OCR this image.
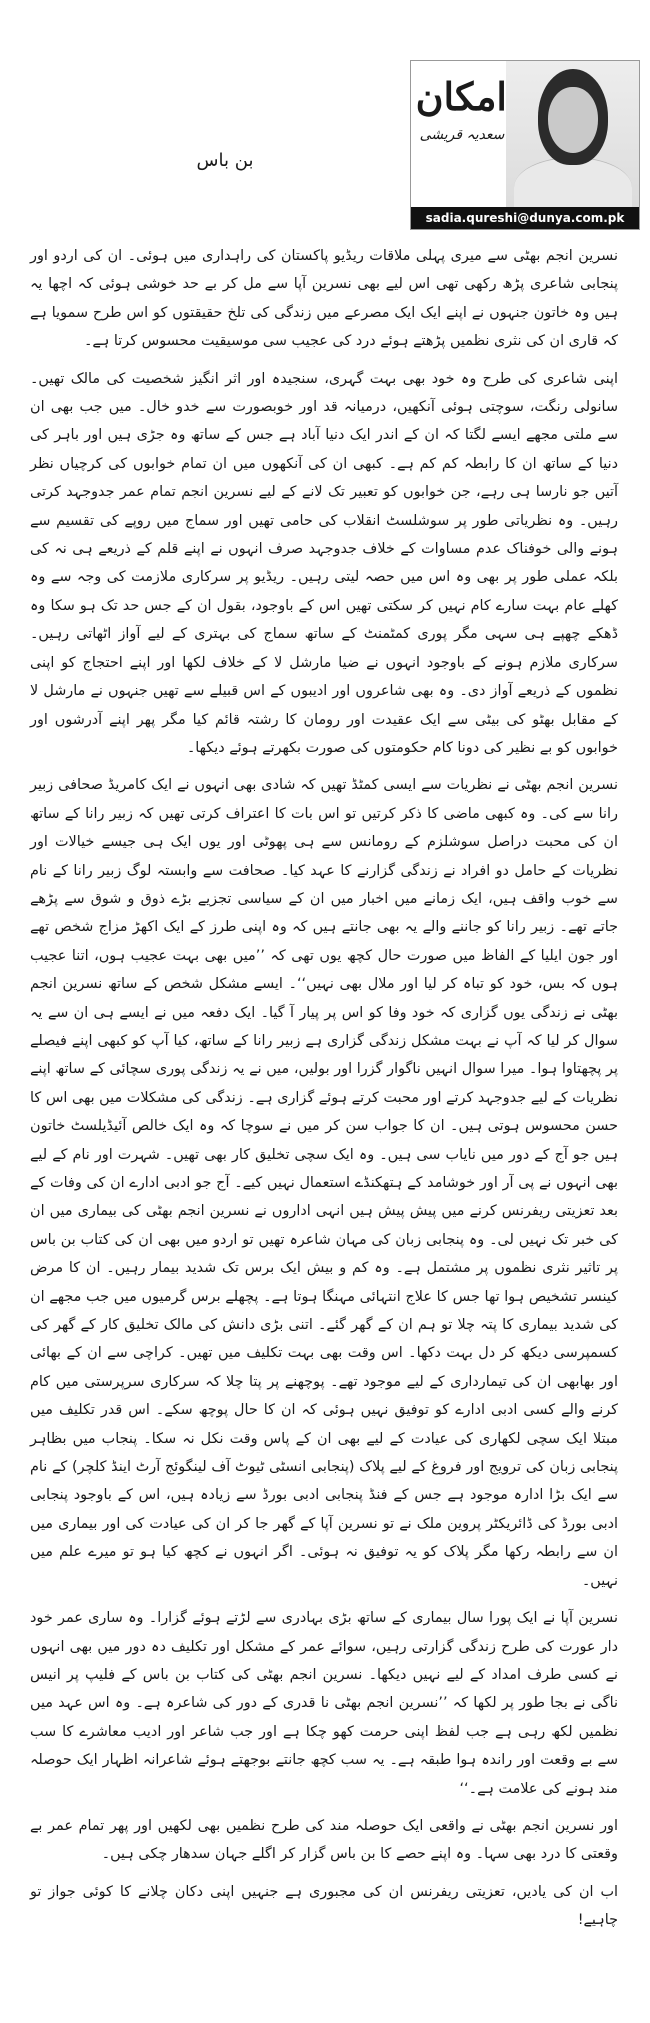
امکان
سعدیہ قریشی
sadia.qureshi@dunya.com.pk
بن باس

نسرین انجم بھٹی سے میری پہلی ملاقات ریڈیو پاکستان کی راہداری میں ہوئی۔ ان کی اردو اور پنجابی شاعری پڑھ رکھی تھی اس لیے بھی نسرین آپا سے مل کر بے حد خوشی ہوئی کہ اچھا یہ ہیں وہ خاتون جنہوں نے اپنے ایک ایک مصرعے میں زندگی کی تلخ حقیقتوں کو اس طرح سمویا ہے کہ قاری ان کی نثری نظمیں پڑھتے ہوئے درد کی عجیب سی موسیقیت محسوس کرتا ہے۔

اپنی شاعری کی طرح وہ خود بھی بہت گہری، سنجیدہ اور اثر انگیز شخصیت کی مالک تھیں۔ سانولی رنگت، سوچتی ہوئی آنکھیں، درمیانہ قد اور خوبصورت سے خدو خال۔ میں جب بھی ان سے ملتی مجھے ایسے لگتا کہ ان کے اندر ایک دنیا آباد ہے جس کے ساتھ وہ جڑی ہیں اور باہر کی دنیا کے ساتھ ان کا رابطہ کم کم ہے۔ کبھی ان کی آنکھوں میں ان تمام خوابوں کی کرچیاں نظر آتیں جو نارسا ہی رہے، جن خوابوں کو تعبیر تک لانے کے لیے نسرین انجم تمام عمر جدوجہد کرتی رہیں۔ وہ نظریاتی طور پر سوشلسٹ انقلاب کی حامی تھیں اور سماج میں روپے کی تقسیم سے ہونے والی خوفناک عدم مساوات کے خلاف جدوجہد صرف انہوں نے اپنے قلم کے ذریعے ہی نہ کی بلکہ عملی طور پر بھی وہ اس میں حصہ لیتی رہیں۔ ریڈیو پر سرکاری ملازمت کی وجہ سے وہ کھلے عام بہت سارے کام نہیں کر سکتی تھیں اس کے باوجود، بقول ان کے جس حد تک ہو سکا وہ ڈھکے چھپے ہی سہی مگر پوری کمٹمنٹ کے ساتھ سماج کی بہتری کے لیے آواز اٹھاتی رہیں۔ سرکاری ملازم ہونے کے باوجود انہوں نے ضیا مارشل لا کے خلاف لکھا اور اپنے احتجاج کو اپنی نظموں کے ذریعے آواز دی۔ وہ بھی شاعروں اور ادیبوں کے اس قبیلے سے تھیں جنہوں نے مارشل لا کے مقابل بھٹو کی بیٹی سے ایک عقیدت اور رومان کا رشتہ قائم کیا مگر پھر اپنے آدرشوں اور خوابوں کو بے نظیر کی دونا کام حکومتوں کی صورت بکھرتے ہوئے دیکھا۔

نسرین انجم بھٹی نے نظریات سے ایسی کمٹڈ تھیں کہ شادی بھی انہوں نے ایک کامریڈ صحافی زبیر رانا سے کی۔ وہ کبھی ماضی کا ذکر کرتیں تو اس بات کا اعتراف کرتی تھیں کہ زبیر رانا کے ساتھ ان کی محبت دراصل سوشلزم کے رومانس سے ہی پھوٹی اور یوں ایک ہی جیسے خیالات اور نظریات کے حامل دو افراد نے زندگی گزارنے کا عہد کیا۔ صحافت سے وابستہ لوگ زبیر رانا کے نام سے خوب واقف ہیں، ایک زمانے میں اخبار میں ان کے سیاسی تجزیے بڑے ذوق و شوق سے پڑھے جاتے تھے۔ زبیر رانا کو جاننے والے یہ بھی جانتے ہیں کہ وہ اپنی طرز کے ایک اکھڑ مزاج شخص تھے اور جون ایلیا کے الفاظ میں صورت حال کچھ یوں تھی کہ ’’میں بھی بہت عجیب ہوں، اتنا عجیب ہوں کہ بس، خود کو تباہ کر لیا اور ملال بھی نہیں‘‘۔ ایسے مشکل شخص کے ساتھ نسرین انجم بھٹی نے زندگی یوں گزاری کہ خود وفا کو اس پر پیار آ گیا۔ ایک دفعہ میں نے ایسے ہی ان سے یہ سوال کر لیا کہ آپ نے بہت مشکل زندگی گزاری ہے زبیر رانا کے ساتھ، کیا آپ کو کبھی اپنے فیصلے پر پچھتاوا ہوا۔ میرا سوال انہیں ناگوار گزرا اور بولیں، میں نے یہ زندگی پوری سچائی کے ساتھ اپنے نظریات کے لیے جدوجہد کرتے اور محبت کرتے ہوئے گزاری ہے۔ زندگی کی مشکلات میں بھی اس کا حسن محسوس ہوتی ہیں۔ ان کا جواب سن کر میں نے سوچا کہ وہ ایک خالص آئیڈیلسٹ خاتون ہیں جو آج کے دور میں نایاب سی ہیں۔ وہ ایک سچی تخلیق کار بھی تھیں۔ شہرت اور نام کے لیے بھی انہوں نے پی آر اور خوشامد کے ہتھکنڈے استعمال نہیں کیے۔ آج جو ادبی ادارے ان کی وفات کے بعد تعزیتی ریفرنس کرنے میں پیش پیش ہیں انہی اداروں نے نسرین انجم بھٹی کی بیماری میں ان کی خبر تک نہیں لی۔ وہ پنجابی زبان کی مہان شاعرہ تھیں تو اردو میں بھی ان کی کتاب بن باس پر تاثیر نثری نظموں پر مشتمل ہے۔ وہ کم و بیش ایک برس تک شدید بیمار رہیں۔ ان کا مرض کینسر تشخیص ہوا تھا جس کا علاج انتہائی مہنگا ہوتا ہے۔ پچھلے برس گرمیوں میں جب مجھے ان کی شدید بیماری کا پتہ چلا تو ہم ان کے گھر گئے۔ اتنی بڑی دانش کی مالک تخلیق کار کے گھر کی کسمپرسی دیکھ کر دل بہت دکھا۔ اس وقت بھی بہت تکلیف میں تھیں۔ کراچی سے ان کے بھائی اور بھابھی ان کی تیمارداری کے لیے موجود تھے۔ پوچھنے پر پتا چلا کہ سرکاری سرپرستی میں کام کرنے والے کسی ادبی ادارے کو توفیق نہیں ہوئی کہ ان کا حال پوچھ سکے۔ اس قدر تکلیف میں مبتلا ایک سچی لکھاری کی عیادت کے لیے بھی ان کے پاس وقت نکل نہ سکا۔ پنجاب میں بظاہر پنجابی زبان کی ترویج اور فروغ کے لیے پلاک (پنجابی انسٹی ٹیوٹ آف لینگوئج آرٹ اینڈ کلچر) کے نام سے ایک بڑا ادارہ موجود ہے جس کے فنڈ پنجابی ادبی بورڈ سے زیادہ ہیں، اس کے باوجود پنجابی ادبی بورڈ کی ڈائریکٹر پروین ملک نے تو نسرین آپا کے گھر جا کر ان کی عیادت کی اور بیماری میں ان سے رابطہ رکھا مگر پلاک کو یہ توفیق نہ ہوئی۔ اگر انہوں نے کچھ کیا ہو تو میرے علم میں نہیں۔

نسرین آپا نے ایک پورا سال بیماری کے ساتھ بڑی بہادری سے لڑتے ہوئے گزارا۔ وہ ساری عمر خود دار عورت کی طرح زندگی گزارتی رہیں، سوائے عمر کے مشکل اور تکلیف دہ دور میں بھی انہوں نے کسی طرف امداد کے لیے نہیں دیکھا۔ نسرین انجم بھٹی کی کتاب بن باس کے فلیپ پر انیس ناگی نے بجا طور پر لکھا کہ ’’نسرین انجم بھٹی نا قدری کے دور کی شاعرہ ہے۔ وہ اس عہد میں نظمیں لکھ رہی ہے جب لفظ اپنی حرمت کھو چکا ہے اور جب شاعر اور ادیب معاشرے کا سب سے بے وقعت اور راندہ ہوا طبقہ ہے۔ یہ سب کچھ جانتے بوجھتے ہوئے شاعرانہ اظہار ایک حوصلہ مند ہونے کی علامت ہے۔‘‘

اور نسرین انجم بھٹی نے واقعی ایک حوصلہ مند کی طرح نظمیں بھی لکھیں اور پھر تمام عمر بے وقعتی کا درد بھی سہا۔ وہ اپنے حصے کا بن باس گزار کر اگلے جہان سدھار چکی ہیں۔

اب ان کی یادیں، تعزیتی ریفرنس ان کی مجبوری ہے جنہیں اپنی دکان چلانے کا کوئی جواز تو چاہیے!
